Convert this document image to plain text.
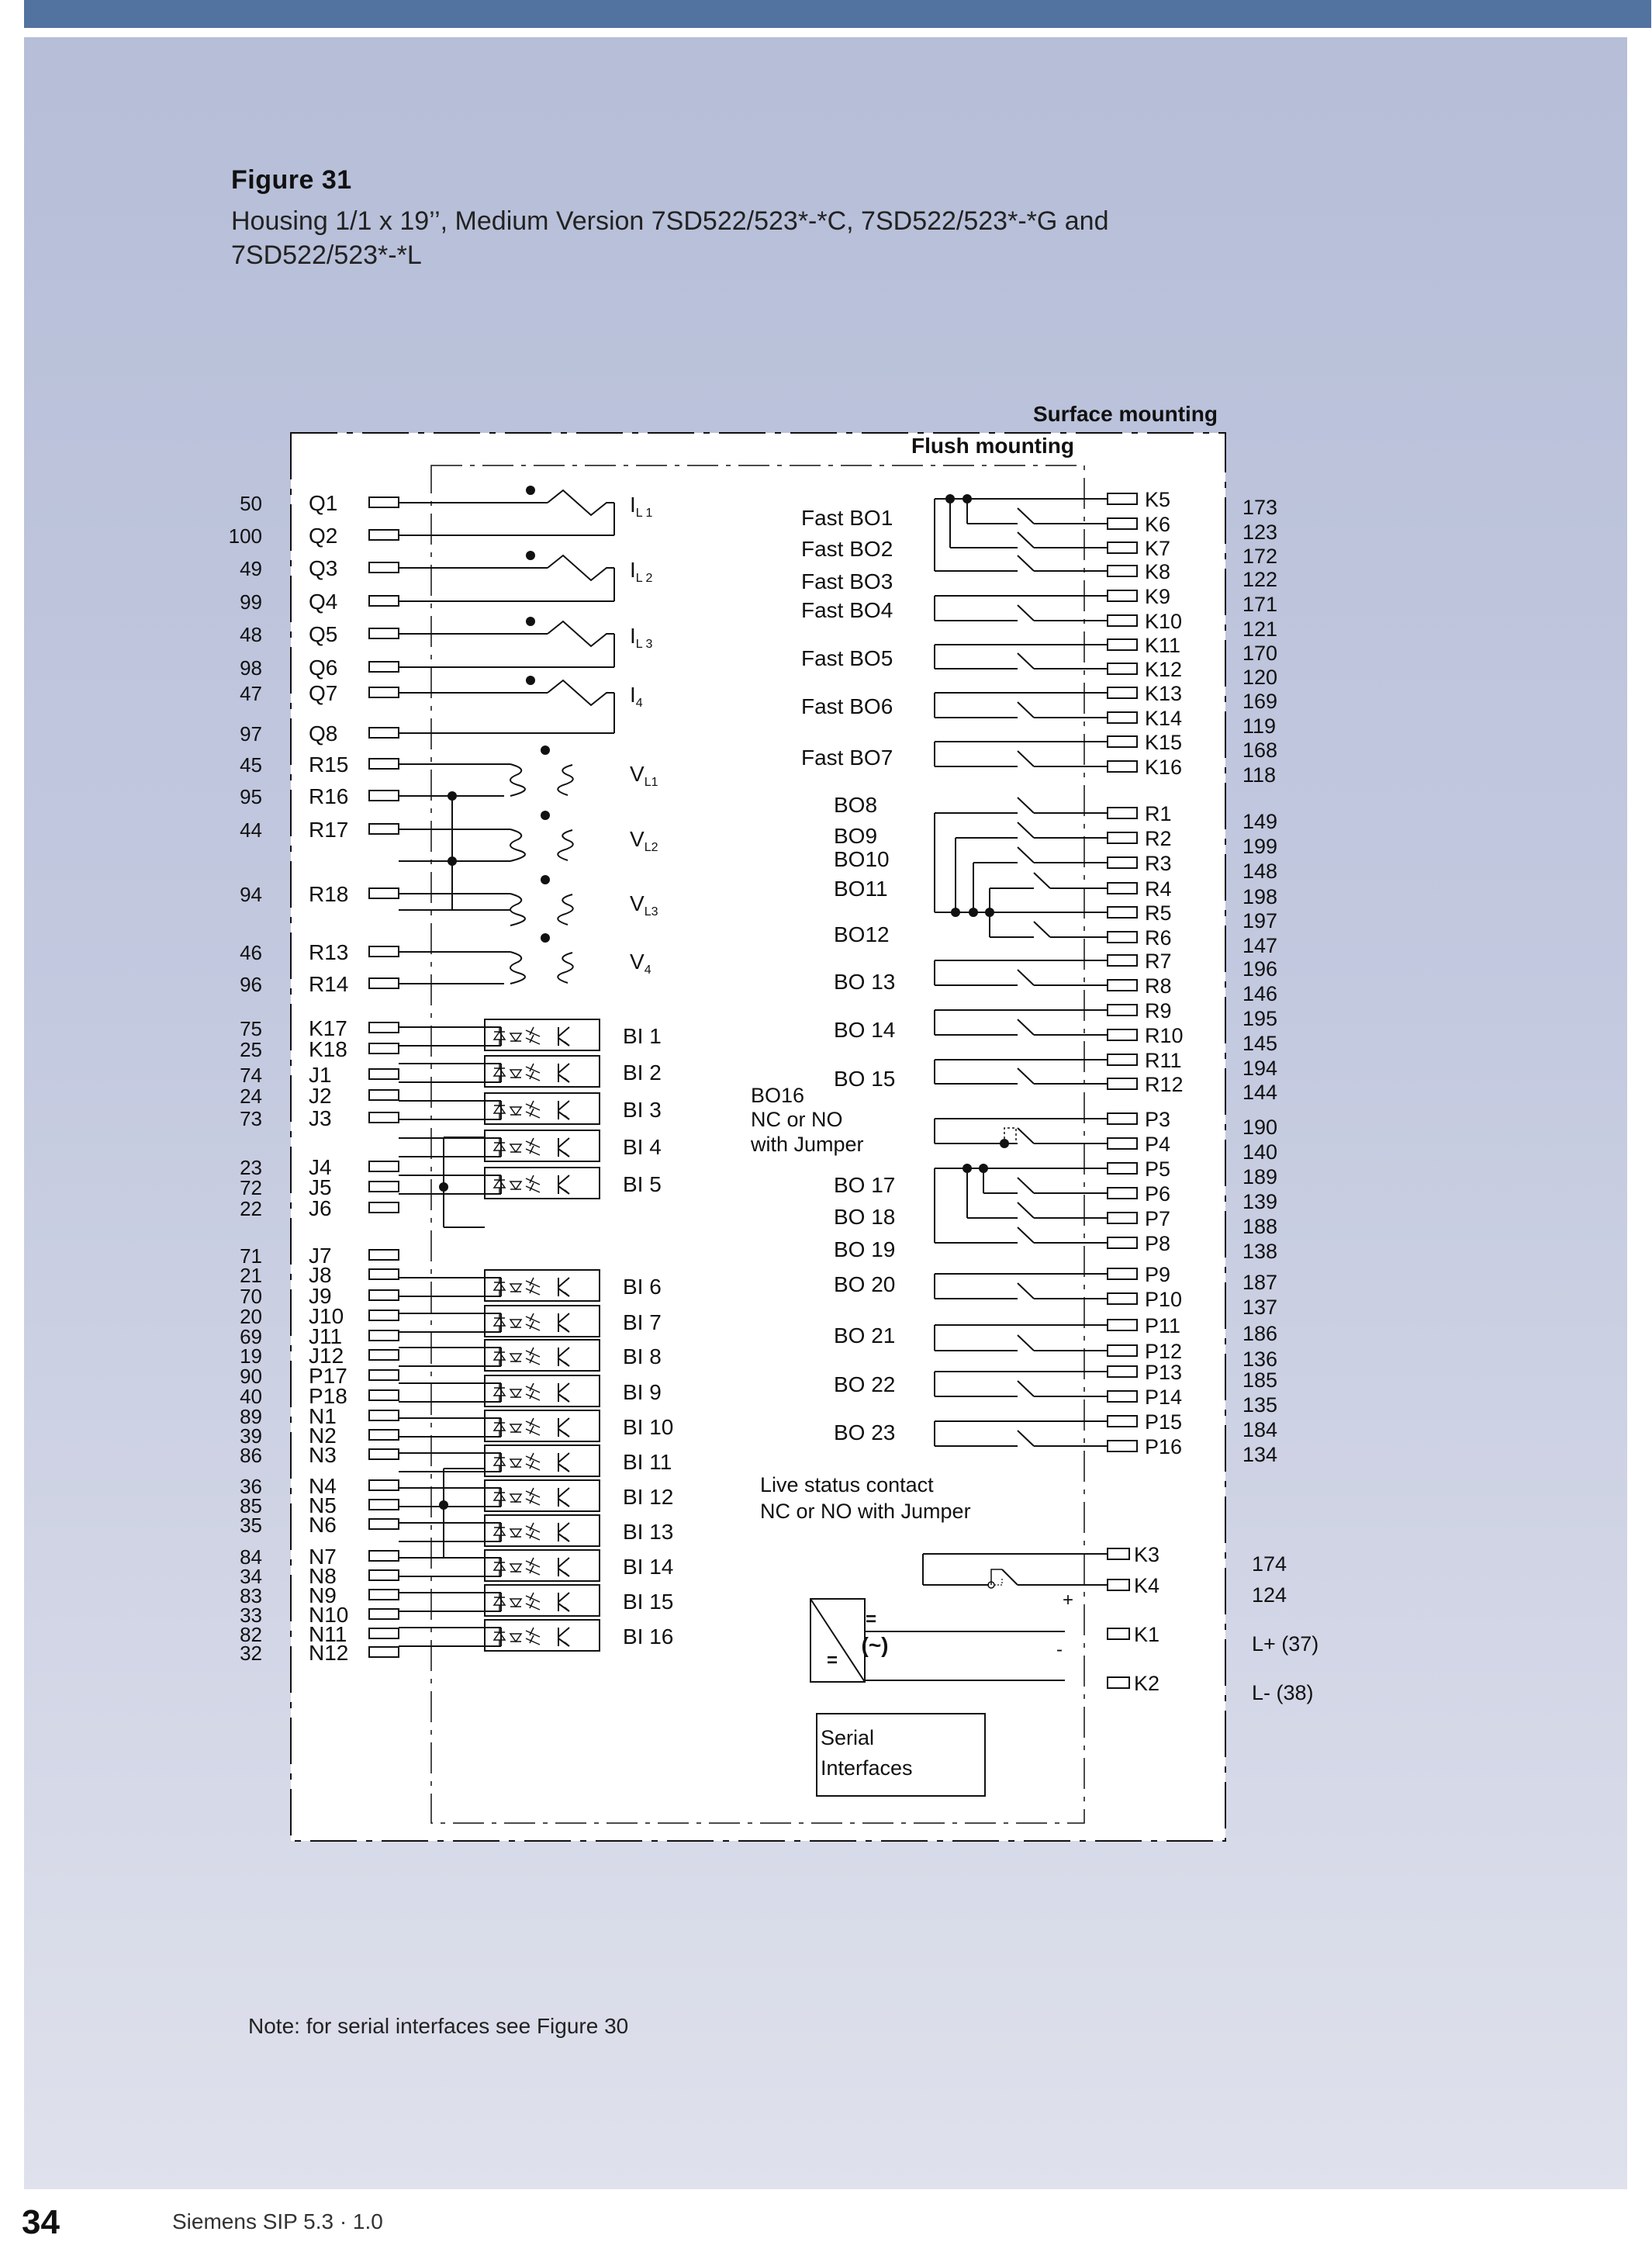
Figure 31
Housing 1/1 x 19’’, Medium Version 7SD522/523*-*C, 7SD522/523*-*G and 7SD522/523*-*L
Surface mounting
Flush mounting
50 Q1
100 Q2
49 Q3
99 Q4
48 Q5
98 Q6
47 Q7
97 Q8
45 R15
95 R16
44 R17
94 R18
46 R13
96 R14
75 K17
25 K18
74 J1
24 J2
73 J3
23 J4
72 J5
22 J6
71 J7
21 J8
70 J9
20 J10
69 J11
19 J12
90 P17
40 P18
89 N1
39 N2
86 N3
36 N4
85 N5
35 N6
84 N7
34 N8
83 N9
33 N10
82 N11
32 N12
$I_{L 1}$
$I_{L 2}$
$I_{L 3}$
$I_4$
$V_{L1}$
$V_{L2}$
$V_{L3}$
$V_4$
BI 1
BI 2
BI 3
BI 4
BI 5
BI 6
BI 7
BI 8
BI 9
BI 10
BI 11
BI 12
BI 13
BI 14
BI 15
BI 16
K5	173
K6	123
K7	172
K8	122
K9	171
K10	121
K11	170
K12	120
K13	169
K14	119
K15	168
K16	118
R1	149
R2	199
R3	148
R4	198
R5	197
R6	147
R7	196
R8	146
R9	195
R10	145
R11	194
R12	144
P3	190
P4	140
P5	189
P6	139
P7	188
P8	138
P9	187
P10	137
P11	186
P12	136
P13	185
P14	135
P15	184
P16	134
Fast BO1
Fast BO2
Fast BO3
Fast BO4
Fast BO5
Fast BO6
Fast BO7
BO8
BO9
BO10
BO11
BO12
BO 13
BO 14
BO 15
BO 17
BO 18
BO 19
BO 20
BO 21
BO 22
BO 23
K3	174
K4	124
K1	L+ (37)
K2	L- (38)
BO16
NC or NO
with Jumper
Live status contact
NC or NO with Jumper
=
(~)
=
+
-
Serial
Interfaces
Note: for serial interfaces see Figure 30
34	Siemens SIP 5.3 · 1.0
